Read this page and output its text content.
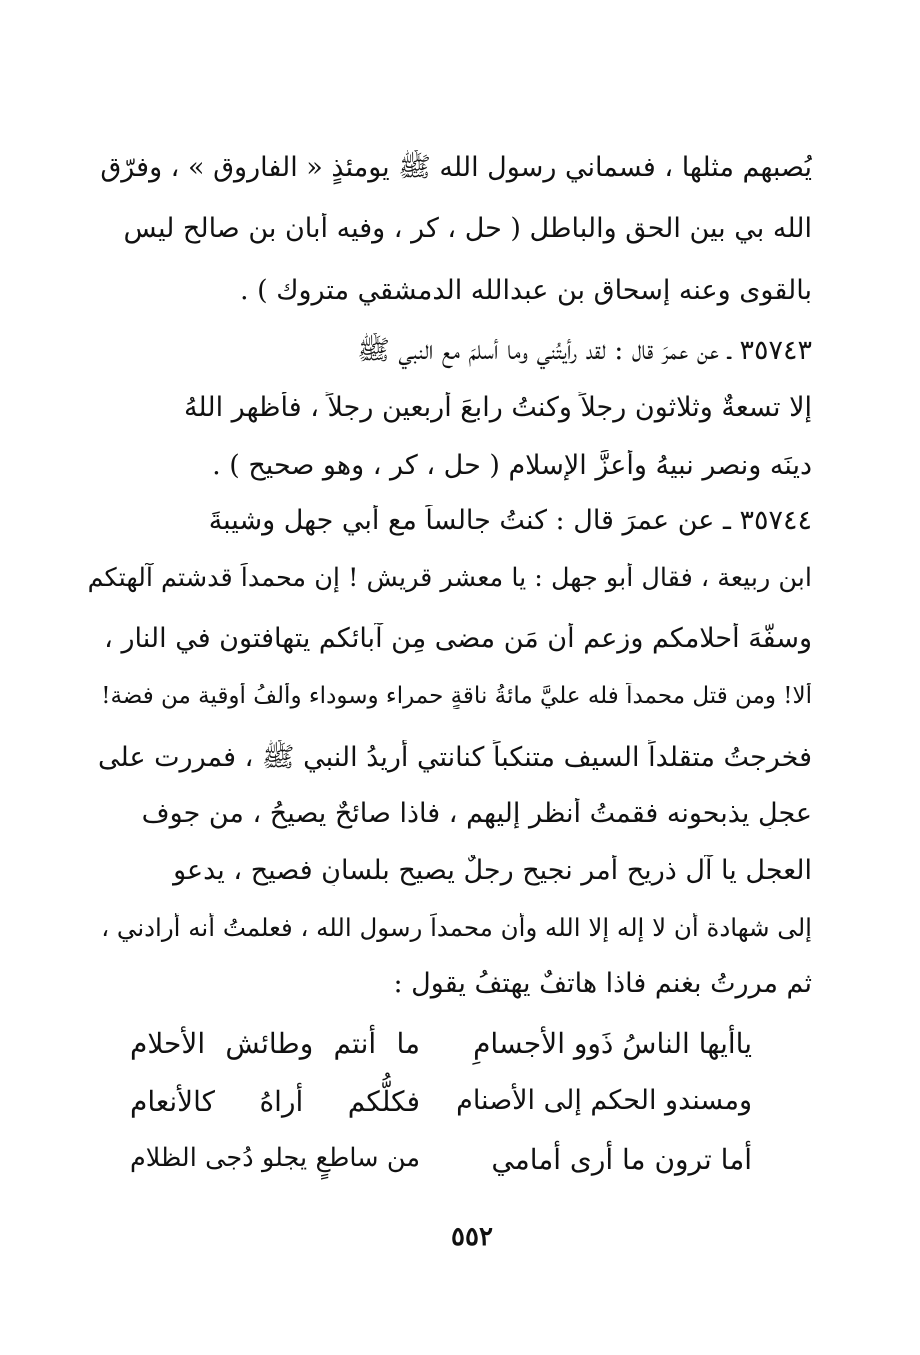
يُصبهم مثلها ، فسماني رسول الله ﷺ يومئذٍ « الفاروق » ، وفرّق
الله بي بين الحق والباطل ( حل ، كر ، وفيه أبان بن صالح ليس
بالقوى وعنه إسحاق بن عبدالله الدمشقي متروك ) .
٣٥٧٤٣ ـ عن عمرَ قال : لقد رأيتُني وما أسلمَ مع النبي ﷺ
إلا تسعةٌ وثلاثون رجلاً وكنتُ رابعَ أربعين رجلاً ، فأظهر اللهُ
دينَه ونصر نبيهُ وأعزَّ الإسلام ( حل ، كر ، وهو صحيح ) .
٣٥٧٤٤ ـ عن عمرَ قال : كنتُ جالساً مع أبي جهل وشيبةَ
ابن ربيعة ، فقال أبو جهل : يا معشر قريش ! إن محمداً قدشتم آلهتكم
وسفَّهَ أحلامكم وزعم أن مَن مضى مِن آبائكم يتهافتون في النار ،
ألا! ومن قتل محمداً فله عليَّ مائةُ ناقةٍ حمراء وسوداء وألفُ أوقية من فضة!
فخرجتُ متقلداً السيف متنكباً كنانتي أريدُ النبي ﷺ ، فمررت على
عجلٍ يذبحونه فقمتُ أنظر إليهم ، فاذا صائحٌ يصيحُ ، من جوف
العجل يا آل ذريح أمر نجيح رجلٌ يصيح بلسانٍ فصيحٍ ، يدعو
إلى شهادة أن لا إله إلا الله وأن محمداً رسول الله ، فعلمتُ أنه أرادني ،
ثم مررتُ بغنمٍ فاذا هاتفٌ يهتفُ يقول :
ياأيها الناسُ ذَوو الأجسامِ
ما أنتم وطائش الأحلام
ومسندو الحكم إلى الأصنام
فكلُّكم أراهُ كالأنعام
أما ترون ما أرى أمامي
من ساطعٍ يجلو دُجى الظلام
٥٥٢
